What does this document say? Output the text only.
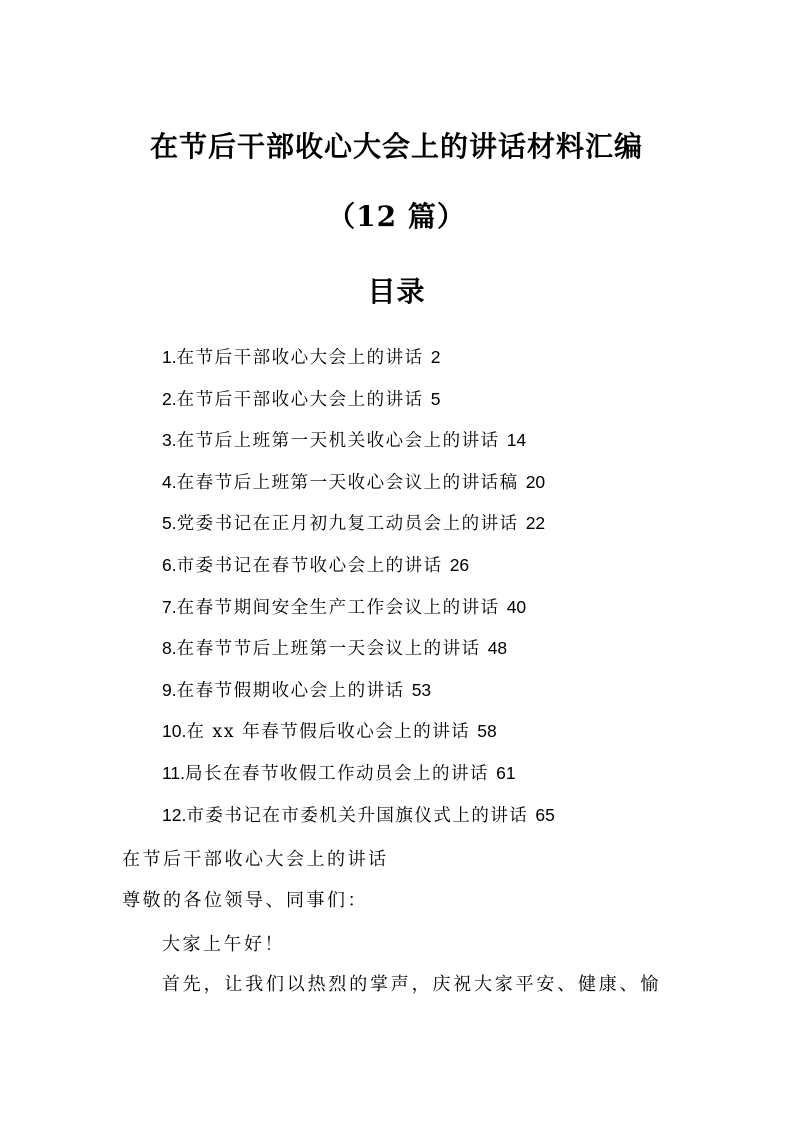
在节后干部收心大会上的讲话材料汇编
（12 篇）
目录
1.在节后干部收心大会上的讲话 2
2.在节后干部收心大会上的讲话 5
3.在节后上班第一天机关收心会上的讲话 14
4.在春节后上班第一天收心会议上的讲话稿 20
5.党委书记在正月初九复工动员会上的讲话 22
6.市委书记在春节收心会上的讲话 26
7.在春节期间安全生产工作会议上的讲话 40
8.在春节节后上班第一天会议上的讲话 48
9.在春节假期收心会上的讲话 53
10.在 xx 年春节假后收心会上的讲话 58
11.局长在春节收假工作动员会上的讲话 61
12.市委书记在市委机关升国旗仪式上的讲话 65
在节后干部收心大会上的讲话
尊敬的各位领导、同事们：
大家上午好！
首先，让我们以热烈的掌声，庆祝大家平安、健康、愉
